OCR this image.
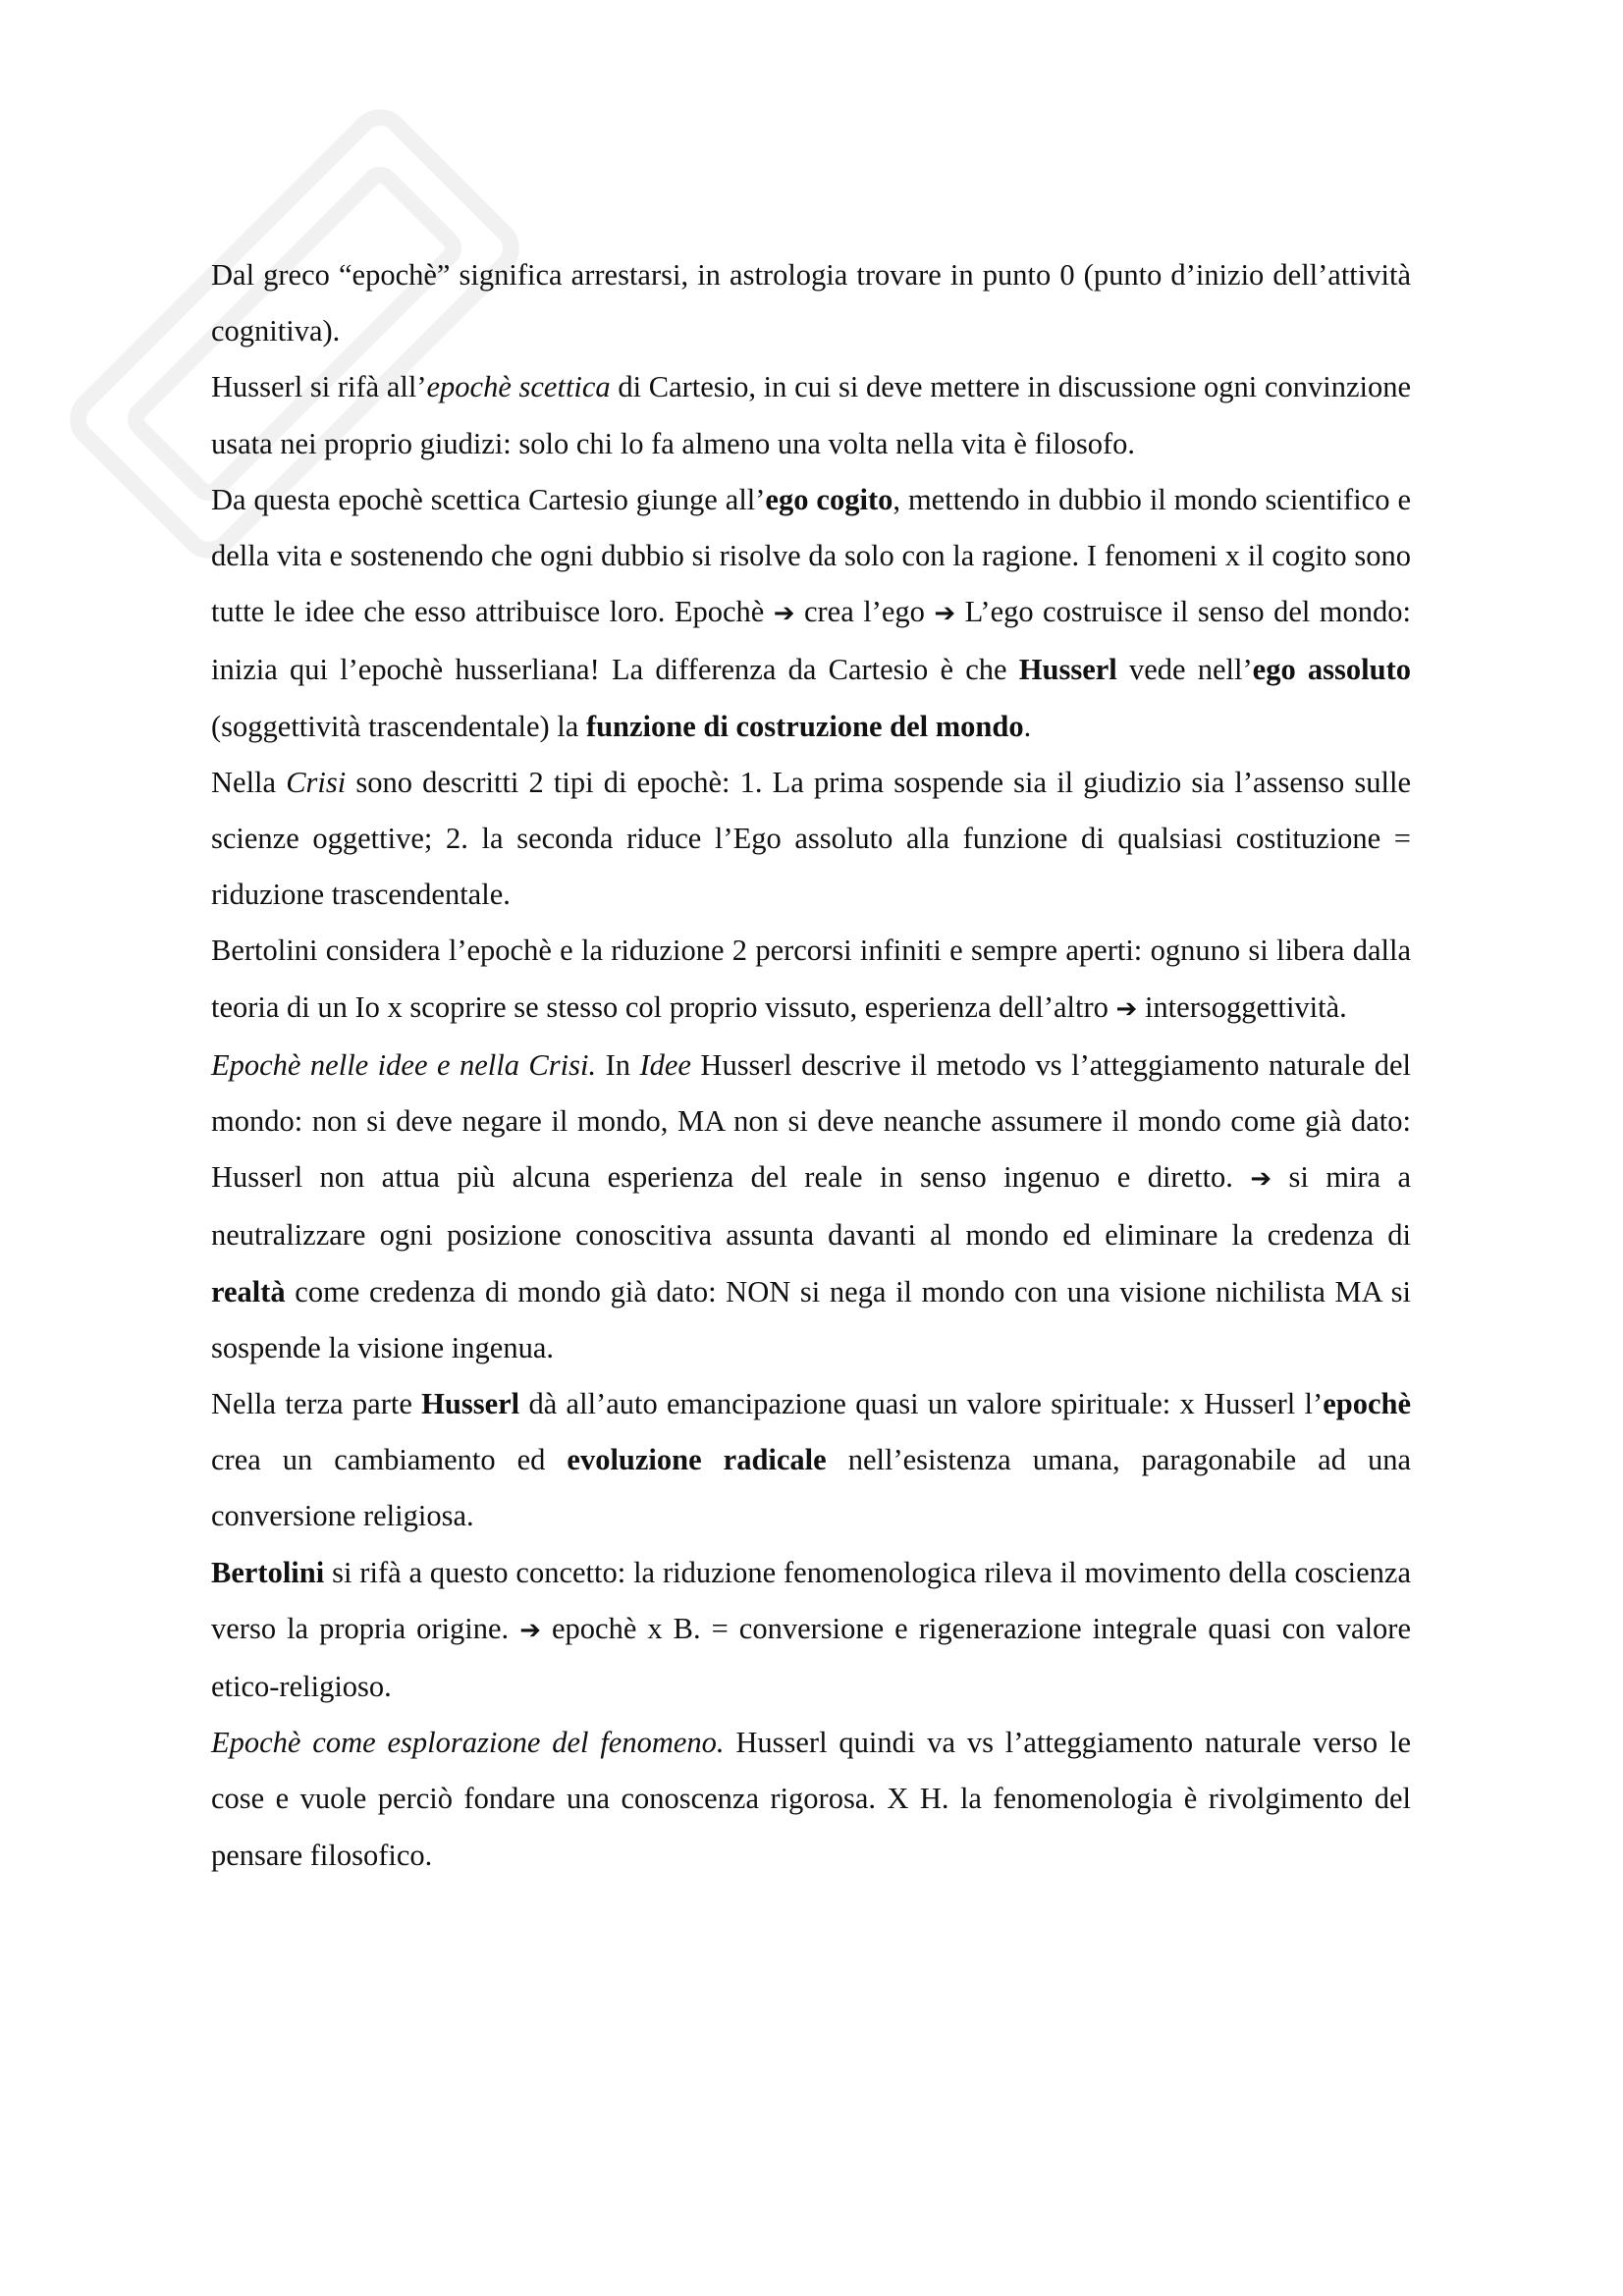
Dal greco “epochè” significa arrestarsi, in astrologia trovare in punto 0 (punto d’inizio dell’attività cognitiva).

Husserl si rifà all’epochè scettica di Cartesio, in cui si deve mettere in discussione ogni convinzione usata nei proprio giudizi: solo chi lo fa almeno una volta nella vita è filosofo.

Da questa epochè scettica Cartesio giunge all’ego cogito, mettendo in dubbio il mondo scientifico e della vita e sostenendo che ogni dubbio si risolve da solo con la ragione. I fenomeni x il cogito sono tutte le idee che esso attribuisce loro. Epochè ➔ crea l’ego ➔ L’ego costruisce il senso del mondo: inizia qui l’epochè husserliana! La differenza da Cartesio è che Husserl vede nell’ego assoluto (soggettività trascendentale) la funzione di costruzione del mondo.

Nella Crisi sono descritti 2 tipi di epochè: 1. La prima sospende sia il giudizio sia l’assenso sulle scienze oggettive; 2. la seconda riduce l’Ego assoluto alla funzione di qualsiasi costituzione = riduzione trascendentale.

Bertolini considera l’epochè e la riduzione 2 percorsi infiniti e sempre aperti: ognuno si libera dalla teoria di un Io x scoprire se stesso col proprio vissuto, esperienza dell’altro ➔ intersoggettività.

Epochè nelle idee e nella Crisi. In Idee Husserl descrive il metodo vs l’atteggiamento naturale del mondo: non si deve negare il mondo, MA non si deve neanche assumere il mondo come già dato: Husserl non attua più alcuna esperienza del reale in senso ingenuo e diretto. ➔ si mira a neutralizzare ogni posizione conoscitiva assunta davanti al mondo ed eliminare la credenza di realtà come credenza di mondo già dato: NON si nega il mondo con una visione nichilista MA si sospende la visione ingenua.

Nella terza parte Husserl dà all’auto emancipazione quasi un valore spirituale: x Husserl l’epochè crea un cambiamento ed evoluzione radicale nell’esistenza umana, paragonabile ad una conversione religiosa.

Bertolini si rifà a questo concetto: la riduzione fenomenologica rileva il movimento della coscienza verso la propria origine. ➔ epochè x B. = conversione e rigenerazione integrale quasi con valore etico-religioso.

Epochè come esplorazione del fenomeno. Husserl quindi va vs l’atteggiamento naturale verso le cose e vuole perciò fondare una conoscenza rigorosa. X H. la fenomenologia è rivolgimento del pensare filosofico.
